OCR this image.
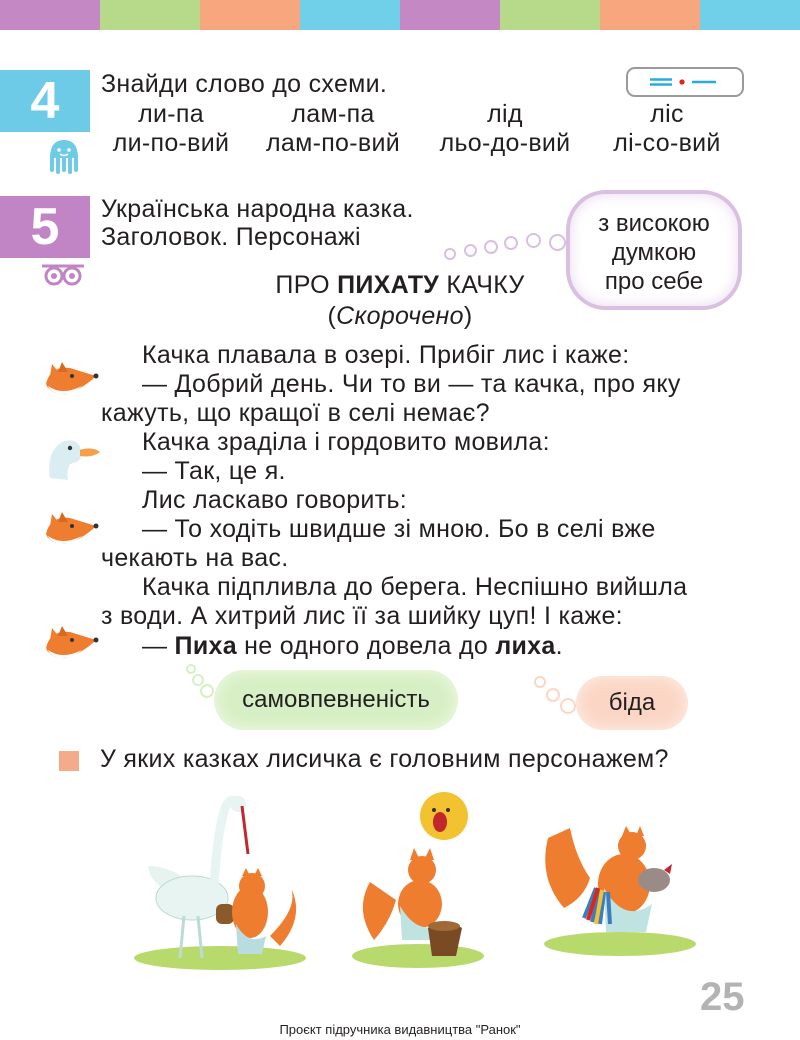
4	Знайди слово до схеми.
ли-па	лам-па	лід	ліс
ли-по-вий лам-по-вий льо-до-вий лі-со-вий
5	Українська народна казка.
Заголовок. Персонажі	з високою
думкою
про себе
ПРО ПИХАТУ КАЧКУ
(Скорочено)
Качка плавала в озері. Прибіг лис і каже:
— Добрий день. Чи то ви — та качка, про яку
кажуть, що кращої в селі немає?
Качка зраділа і гордовито мовила:
— Так, це я.
Лис ласкаво говорить:
— То ходіть швидше зі мною. Бо в селі вже
чекають на вас.
Качка підпливла до берега. Неспішно вийшла
з води. А хитрий лис її за шийку цуп! І каже:
— Пиха не одного довела до лиха.
самовпевненість	біда
У яких казках лисичка є головним персонажем?
25
Проєкт підручника видавництва "Ранок"
